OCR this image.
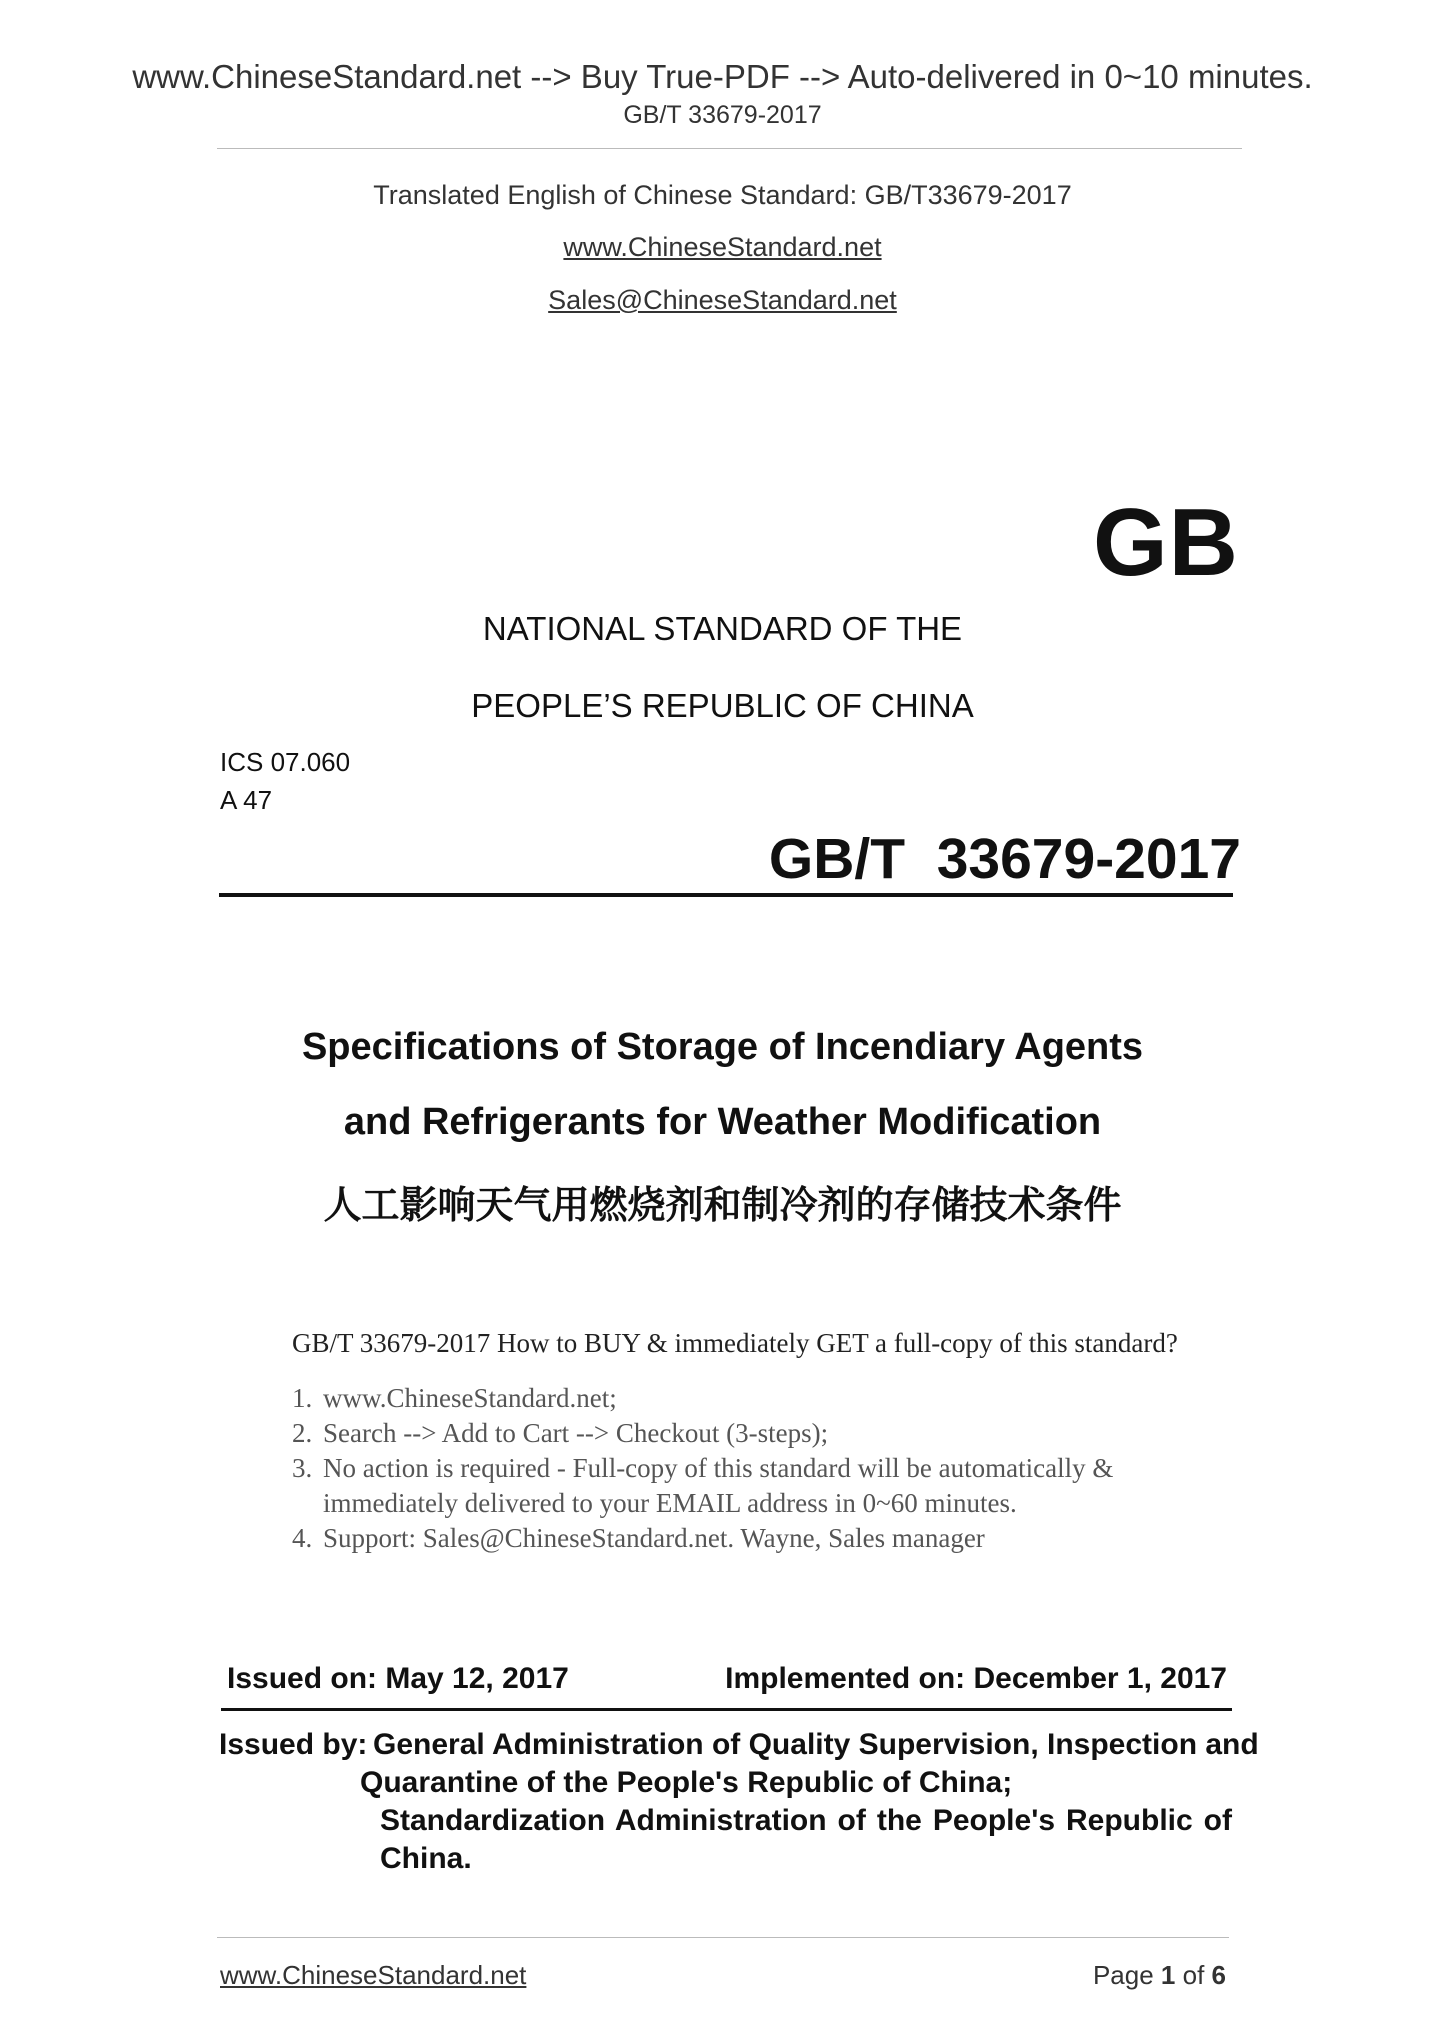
www.ChineseStandard.net --> Buy True-PDF --> Auto-delivered in 0~10 minutes.
GB/T 33679-2017
Translated English of Chinese Standard: GB/T33679-2017
www.ChineseStandard.net
Sales@ChineseStandard.net
GB
NATIONAL STANDARD OF THE
PEOPLE’S REPUBLIC OF CHINA
ICS 07.060
A 47
GB/T  33679-2017
Specifications of Storage of Incendiary Agents
and Refrigerants for Weather Modification
人工影响天气用燃烧剂和制冷剂的存储技术条件
GB/T 33679-2017 How to BUY & immediately GET a full-copy of this standard?
1. www.ChineseStandard.net;
2. Search --> Add to Cart --> Checkout (3-steps);
3. No action is required - Full-copy of this standard will be automatically &
immediately delivered to your EMAIL address in 0~60 minutes.
4. Support: Sales@ChineseStandard.net. Wayne, Sales manager
Issued on: May 12, 2017	Implemented on: December 1, 2017
Issued by: General Administration of Quality Supervision, Inspection and
Quarantine of the People's Republic of China;
Standardization Administration of the People's Republic of
China.
www.ChineseStandard.net	Page 1 of 6
